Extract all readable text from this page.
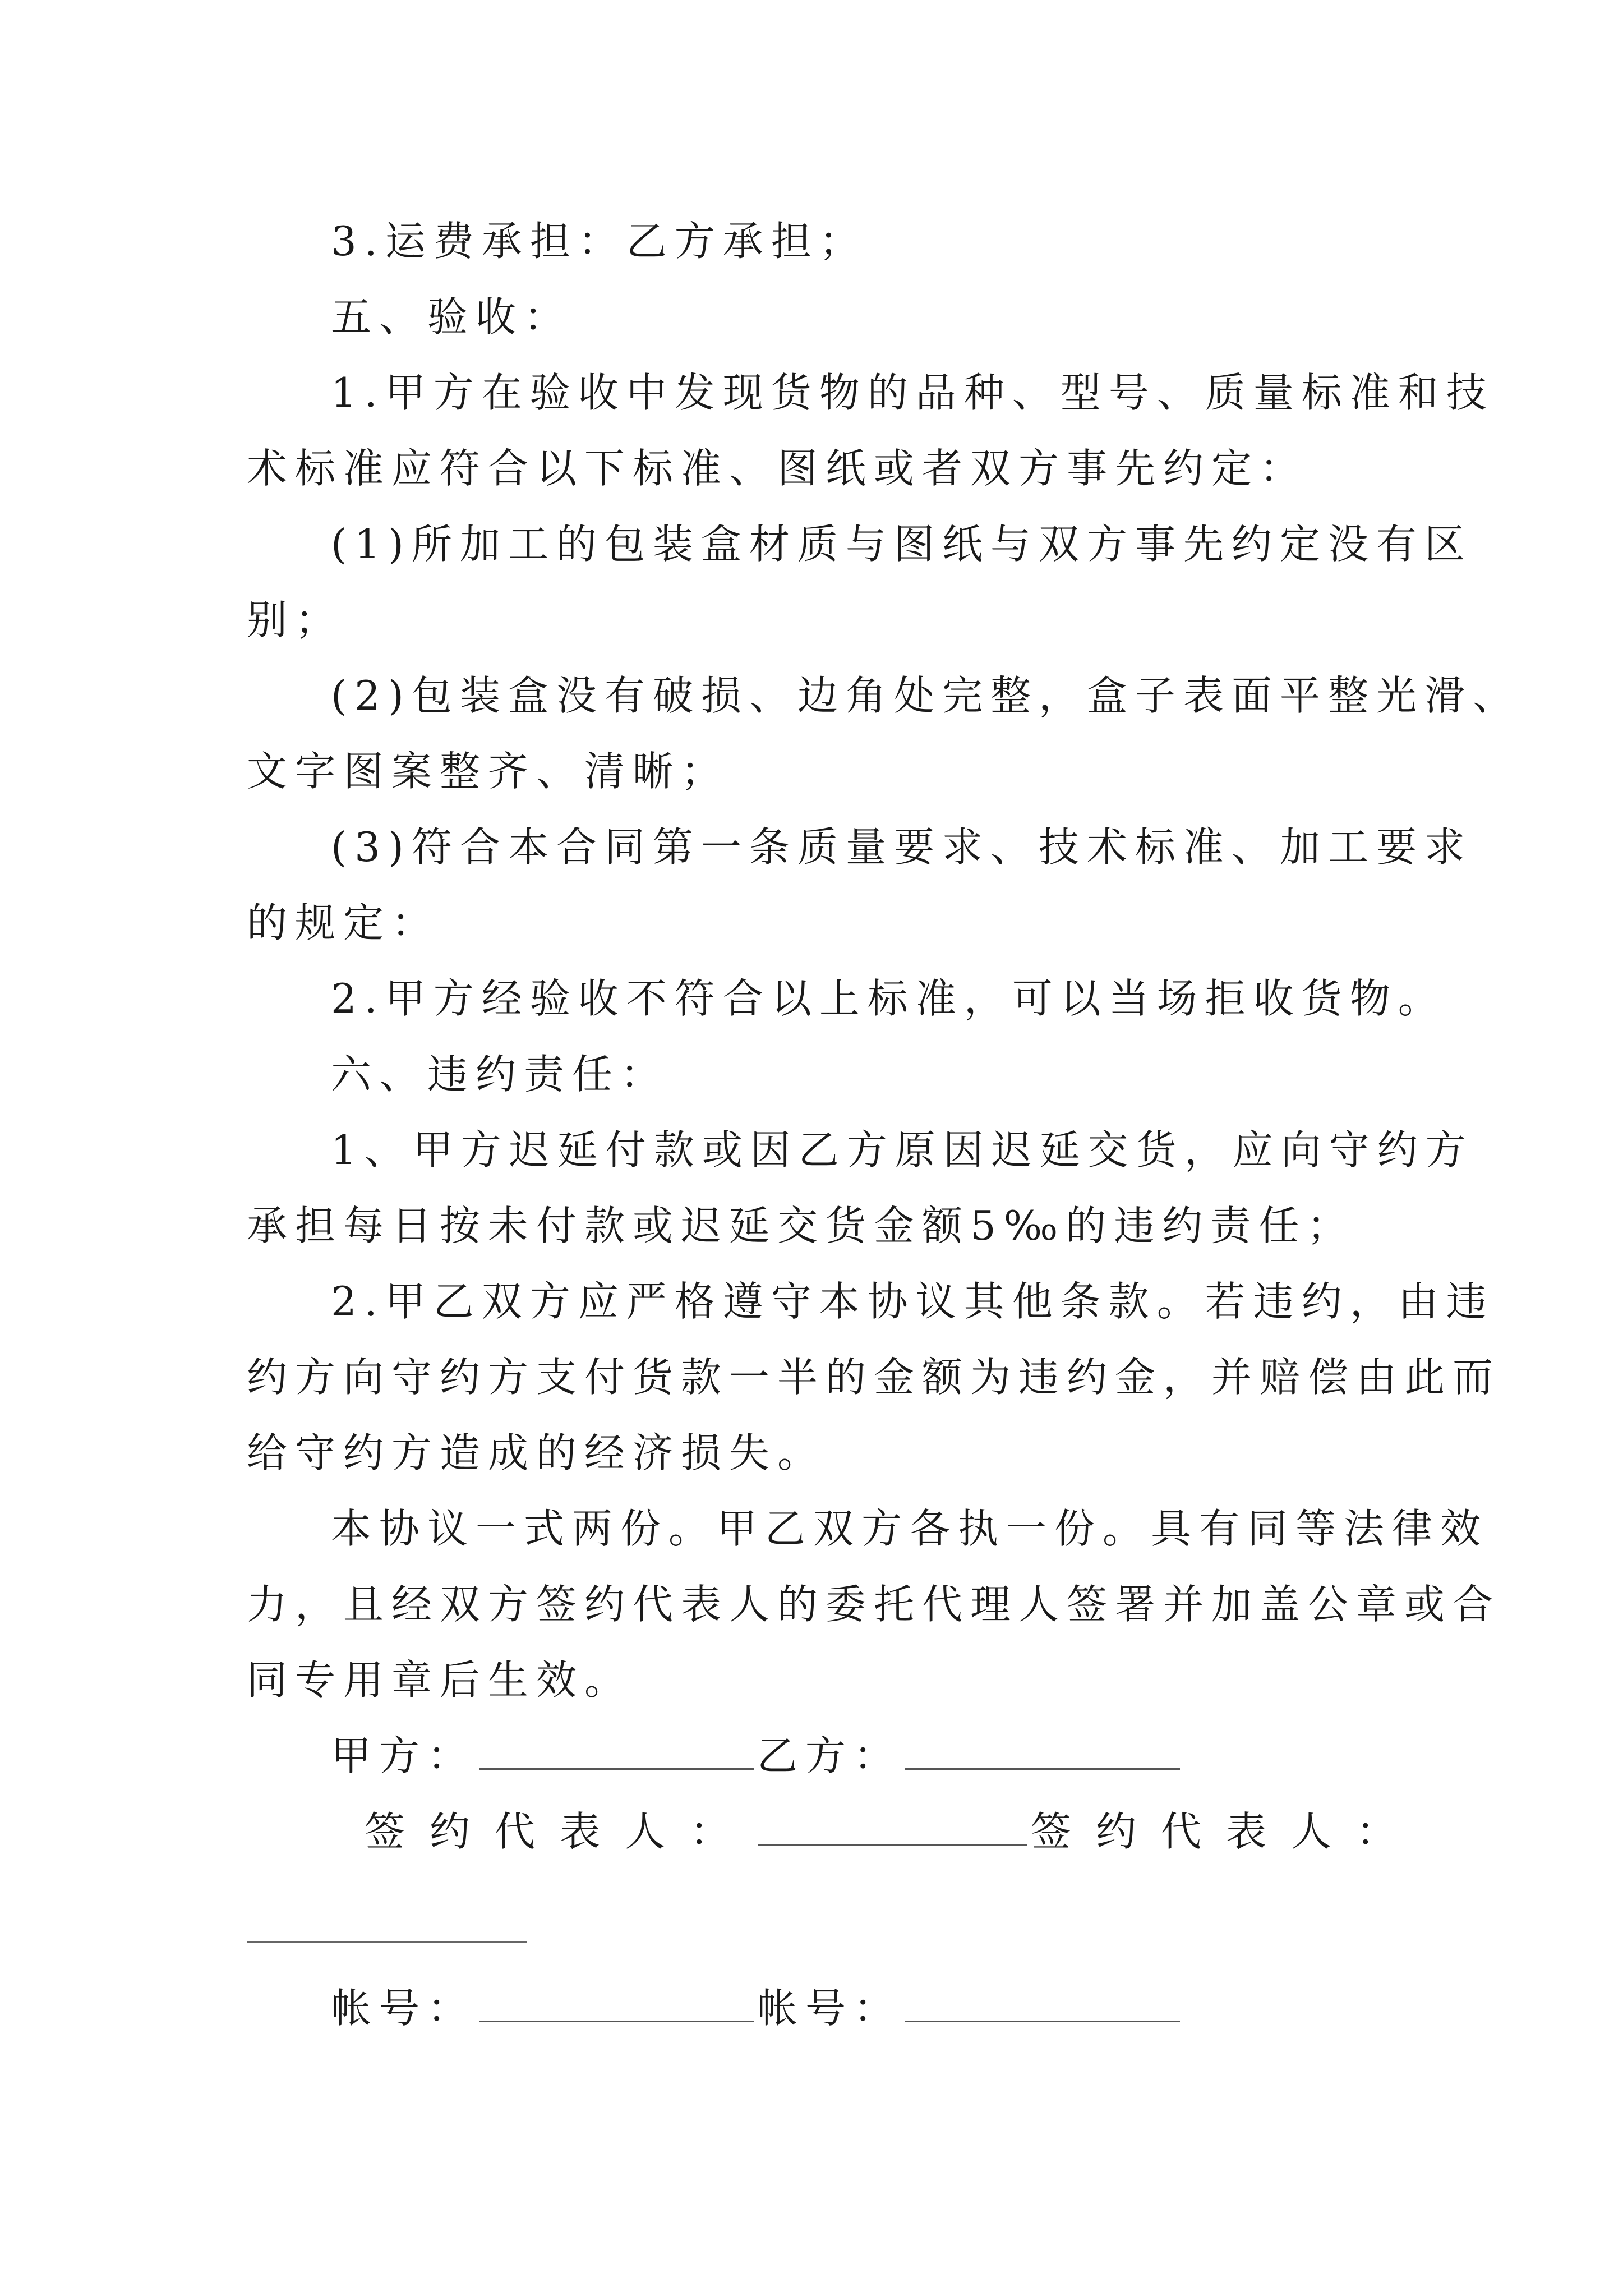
3.运费承担：乙方承担；
五、验收：
1.甲方在验收中发现货物的品种、型号、质量标准和技
术标准应符合以下标准、图纸或者双方事先约定：
(1)所加工的包装盒材质与图纸与双方事先约定没有区
别；
(2)包装盒没有破损、边角处完整，盒子表面平整光滑、
文字图案整齐、清晰；
(3)符合本合同第一条质量要求、技术标准、加工要求
的规定：
2.甲方经验收不符合以上标准，可以当场拒收货物。
六、违约责任：
1、甲方迟延付款或因乙方原因迟延交货，应向守约方
承担每日按未付款或迟延交货金额5‰的违约责任；
2.甲乙双方应严格遵守本协议其他条款。若违约，由违
约方向守约方支付货款一半的金额为违约金，并赔偿由此而
给守约方造成的经济损失。
本协议一式两份。甲乙双方各执一份。具有同等法律效
力，且经双方签约代表人的委托代理人签署并加盖公章或合
同专用章后生效。
甲方：	乙方：
签约代表人：	签约代表人：
帐号：	帐号：
